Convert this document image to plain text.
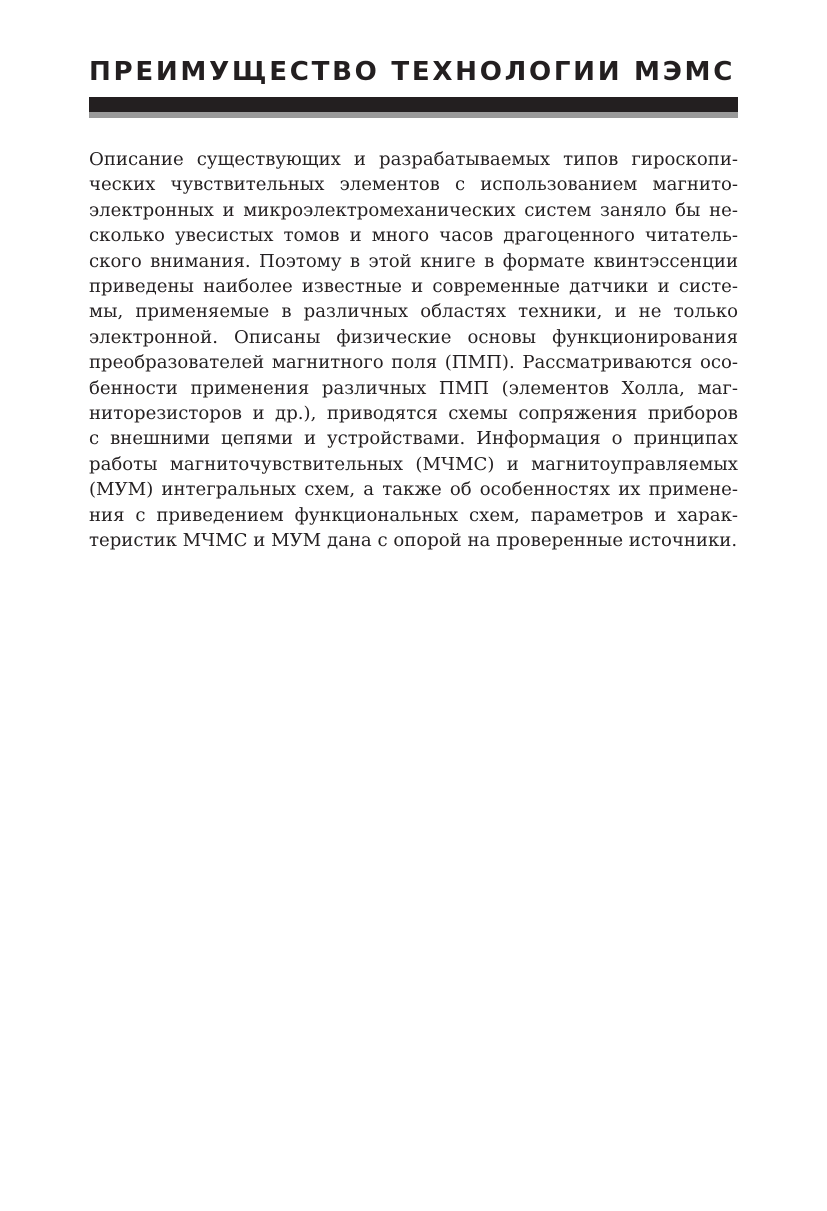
ПРЕИМУЩЕСТВО ТЕХНОЛОГИИ МЭМС
Описание существующих и разрабатываемых типов гироскопи-
ческих чувствительных элементов с использованием магнито-
электронных и микроэлектромеханических систем заняло бы не-
сколько увесистых томов и много часов драгоценного читатель-
ского внимания. Поэтому в этой книге в формате квинтэссенции
приведены наиболее известные и современные датчики и систе-
мы, применяемые в различных областях техники, и не только
электронной. Описаны физические основы функционирования
преобразователей магнитного поля (ПМП). Рассматриваются осо-
бенности применения различных ПМП (элементов Холла, маг-
ниторезисторов и др.), приводятся схемы сопряжения приборов
с внешними цепями и устройствами. Информация о принципах
работы магниточувствительных (МЧМС) и магнитоуправляемых
(МУМ) интегральных схем, а также об особенностях их примене-
ния с приведением функциональных схем, параметров и харак-
теристик МЧМС и МУМ дана с опорой на проверенные источники.
